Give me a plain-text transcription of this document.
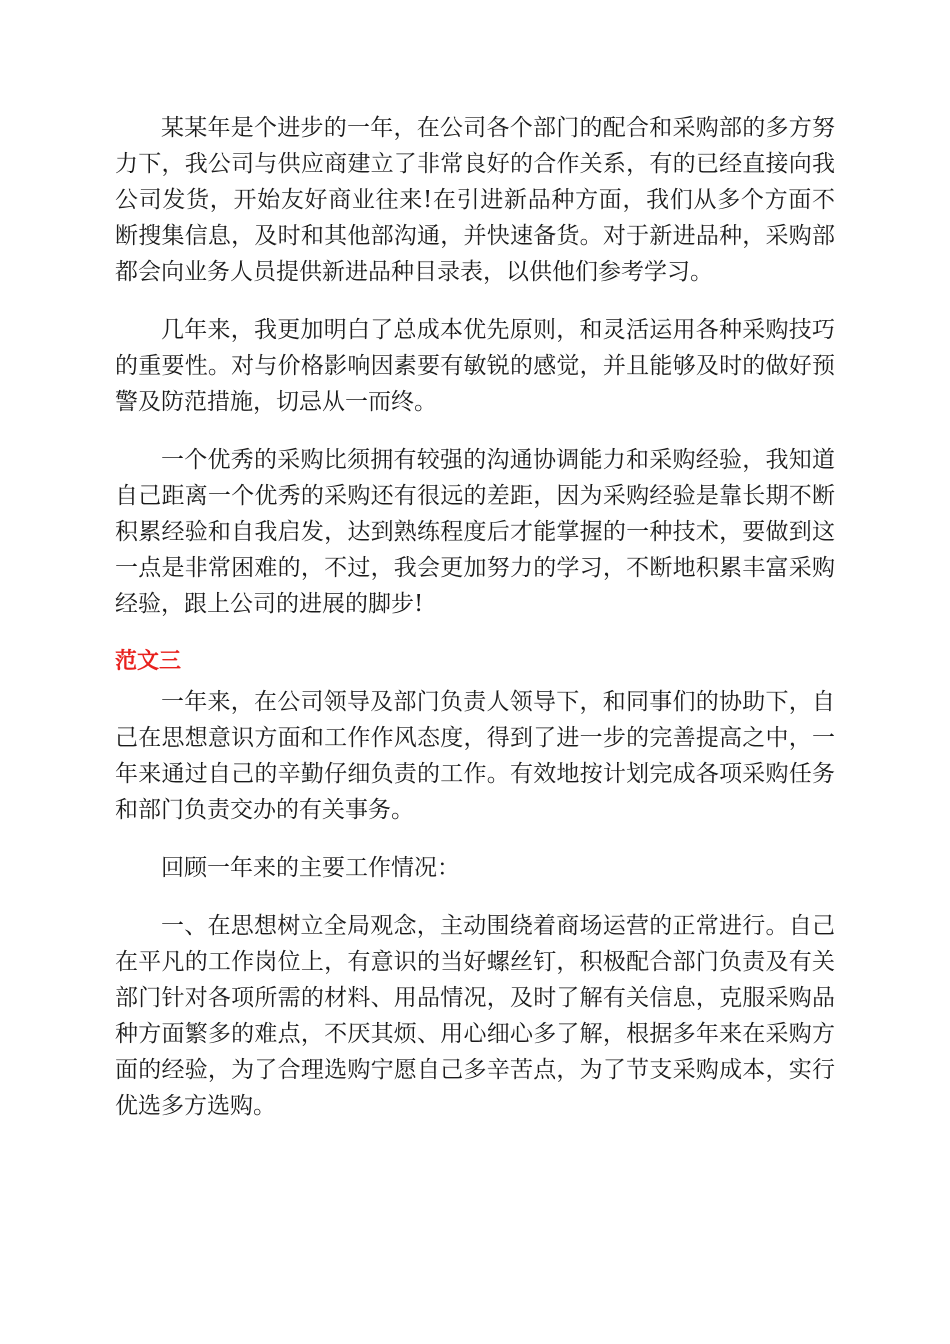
某某年是个进步的一年，在公司各个部门的配合和采购部的多方努力下，我公司与供应商建立了非常良好的合作关系，有的已经直接向我公司发货，开始友好商业往来!在引进新品种方面，我们从多个方面不断搜集信息，及时和其他部沟通，并快速备货。对于新进品种，采购部都会向业务人员提供新进品种目录表，以供他们参考学习。

几年来，我更加明白了总成本优先原则，和灵活运用各种采购技巧的重要性。对与价格影响因素要有敏锐的感觉，并且能够及时的做好预警及防范措施，切忌从一而终。

一个优秀的采购比须拥有较强的沟通协调能力和采购经验，我知道自己距离一个优秀的采购还有很远的差距，因为采购经验是靠长期不断积累经验和自我启发，达到熟练程度后才能掌握的一种技术，要做到这一点是非常困难的，不过，我会更加努力的学习，不断地积累丰富采购经验，跟上公司的进展的脚步!

范文三

一年来，在公司领导及部门负责人领导下，和同事们的协助下，自己在思想意识方面和工作作风态度，得到了进一步的完善提高之中，一年来通过自己的辛勤仔细负责的工作。有效地按计划完成各项采购任务和部门负责交办的有关事务。

回顾一年来的主要工作情况：

一、在思想树立全局观念，主动围绕着商场运营的正常进行。自己在平凡的工作岗位上，有意识的当好螺丝钉，积极配合部门负责及有关部门针对各项所需的材料、用品情况，及时了解有关信息，克服采购品种方面繁多的难点，不厌其烦、用心细心多了解，根据多年来在采购方面的经验，为了合理选购宁愿自己多辛苦点，为了节支采购成本，实行优选多方选购。
